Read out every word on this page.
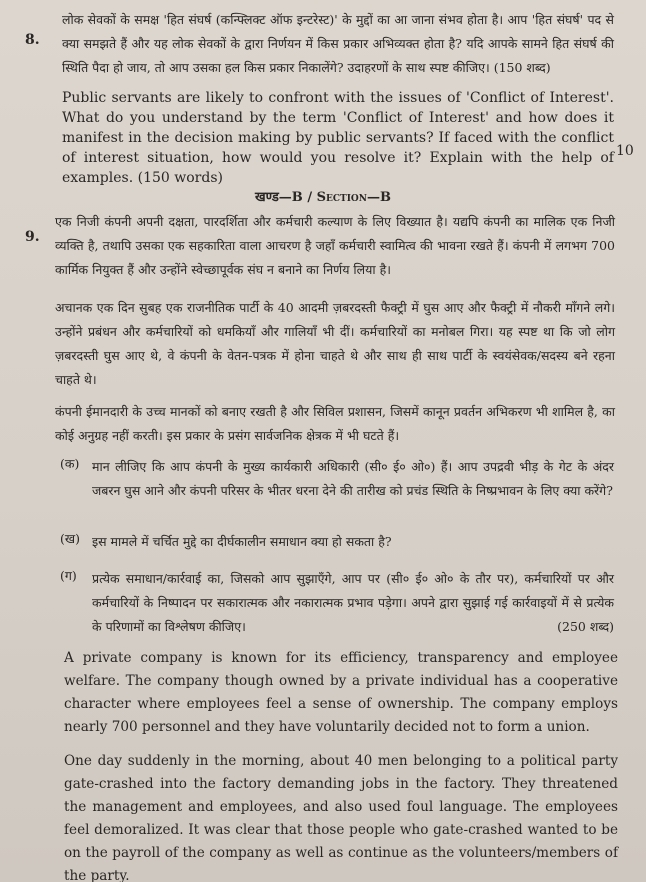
8.
लोक सेवकों के समक्ष 'हित संघर्ष (कन्फ्लिक्ट ऑफ इन्टरेस्ट)' के मुद्दों का आ जाना संभव होता है। आप 'हित संघर्ष' पद से क्या समझते हैं और यह लोक सेवकों के द्वारा निर्णयन में किस प्रकार अभिव्यक्त होता है? यदि आपके सामने हित संघर्ष की स्थिति पैदा हो जाय, तो आप उसका हल किस प्रकार निकालेंगे? उदाहरणों के साथ स्पष्ट कीजिए। (150 शब्द)
Public servants are likely to confront with the issues of 'Conflict of Interest'. What do you understand by the term 'Conflict of Interest' and how does it manifest in the decision making by public servants? If faced with the conflict of interest situation, how would you resolve it? Explain with the help of examples. (150 words)
10
खण्ड—B / Section—B
9.
एक निजी कंपनी अपनी दक्षता, पारदर्शिता और कर्मचारी कल्याण के लिए विख्यात है। यद्यपि कंपनी का मालिक एक निजी व्यक्ति है, तथापि उसका एक सहकारिता वाला आचरण है जहाँ कर्मचारी स्वामित्व की भावना रखते हैं। कंपनी में लगभग 700 कार्मिक नियुक्त हैं और उन्होंने स्वेच्छापूर्वक संघ न बनाने का निर्णय लिया है।
अचानक एक दिन सुबह एक राजनीतिक पार्टी के 40 आदमी ज़बरदस्ती फैक्ट्री में घुस आए और फैक्ट्री में नौकरी माँगने लगे। उन्होंने प्रबंधन और कर्मचारियों को धमकियाँ और गालियाँ भी दीं। कर्मचारियों का मनोबल गिरा। यह स्पष्ट था कि जो लोग ज़बरदस्ती घुस आए थे, वे कंपनी के वेतन-पत्रक में होना चाहते थे और साथ ही साथ पार्टी के स्वयंसेवक/सदस्य बने रहना चाहते थे।
कंपनी ईमानदारी के उच्च मानकों को बनाए रखती है और सिविल प्रशासन, जिसमें कानून प्रवर्तन अभिकरण भी शामिल है, का कोई अनुग्रह नहीं करती। इस प्रकार के प्रसंग सार्वजनिक क्षेत्रक में भी घटते हैं।
(क) मान लीजिए कि आप कंपनी के मुख्य कार्यकारी अधिकारी (सी० ई० ओ०) हैं। आप उपद्रवी भीड़ के गेट के अंदर जबरन घुस आने और कंपनी परिसर के भीतर धरना देने की तारीख को प्रचंड स्थिति के निष्प्रभावन के लिए क्या करेंगे?
(ख) इस मामले में चर्चित मुद्दे का दीर्घकालीन समाधान क्या हो सकता है?
(ग) प्रत्येक समाधान/कार्रवाई का, जिसको आप सुझाएँगे, आप पर (सी० ई० ओ० के तौर पर), कर्मचारियों पर और कर्मचारियों के निष्पादन पर सकारात्मक और नकारात्मक प्रभाव पड़ेगा। अपने द्वारा सुझाई गई कार्रवाइयों में से प्रत्येक के परिणामों का विश्लेषण कीजिए।	(250 शब्द)
A private company is known for its efficiency, transparency and employee welfare. The company though owned by a private individual has a cooperative character where employees feel a sense of ownership. The company employs nearly 700 personnel and they have voluntarily decided not to form a union.
One day suddenly in the morning, about 40 men belonging to a political party gate-crashed into the factory demanding jobs in the factory. They threatened the management and employees, and also used foul language. The employees feel demoralized. It was clear that those people who gate-crashed wanted to be on the payroll of the company as well as continue as the volunteers/members of the party.
